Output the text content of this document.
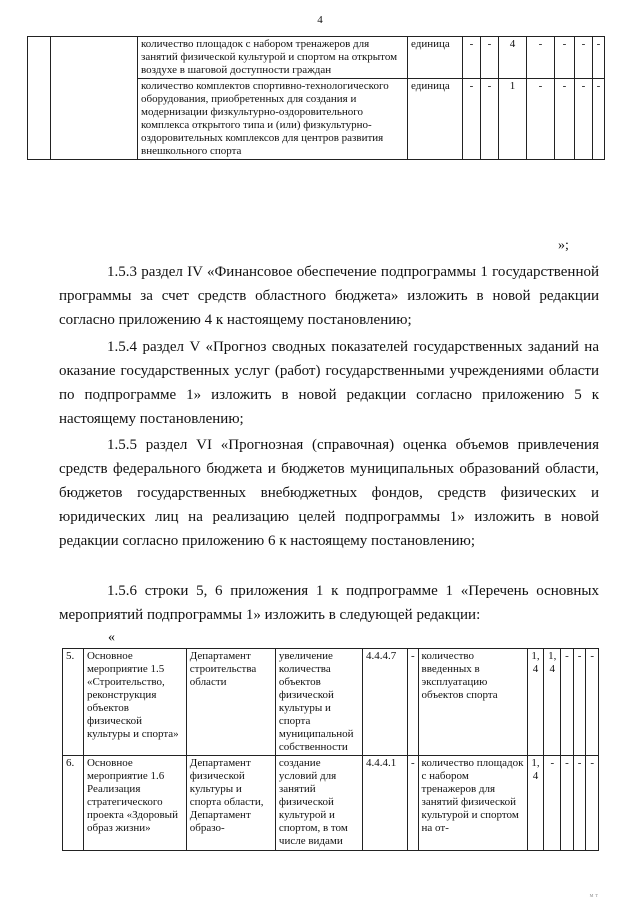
4
		количество площадок с набором тренажеров для занятий физической культурой и спортом на открытом воздухе в шаговой доступности граждан	единица	-	-	4	-	-	-	-
		количество комплектов спортивно-технологического оборудования, приобретенных для создания и модернизации физкультурно-оздоровительного комплекса открытого типа и (или) физкультурно-оздоровительных комплексов для центров развития внешкольного спорта	единица	-	-	1	-	-	-	-
»;

1.5.3 раздел IV «Финансовое обеспечение подпрограммы 1 государственной программы за счет средств областного бюджета» изложить в новой редакции согласно приложению 4 к настоящему постановлению;

1.5.4 раздел V «Прогноз сводных показателей государственных заданий на оказание государственных услуг (работ) государственными учреждениями области по подпрограмме 1» изложить в новой редакции согласно приложению 5 к настоящему постановлению;

1.5.5 раздел VI «Прогнозная (справочная) оценка объемов привлечения средств федерального бюджета и бюджетов муниципальных образований области, бюджетов государственных внебюджетных фондов, средств физических и юридических лиц на реализацию целей подпрограммы 1» изложить в новой редакции согласно приложению 6 к настоящему постановлению;

1.5.6 строки 5, 6 приложения 1 к подпрограмме 1 «Перечень основных мероприятий подпрограммы 1» изложить в следующей редакции:

«
5.	Основное мероприятие 1.5 «Строительство, реконструкция объектов физической культуры и спорта»	Департамент строительства области	увеличение количества объектов физической культуры и спорта муниципальной собственности	4.4.4.7	-	количество введенных в эксплуатацию объектов спорта	1, 4	1, 4	-	-	-
6.	Основное мероприятие 1.6 Реализация стратегического проекта «Здоровый образ жизни»	Департамент физической культуры и спорта области, Департамент образо-	создание условий для занятий физической культурой и спортом, в том числе видами	4.4.4.1	-	количество площадок с набором тренажеров для занятий физической культурой и спортом на от-	1, 4	-	-	-	-
мт
